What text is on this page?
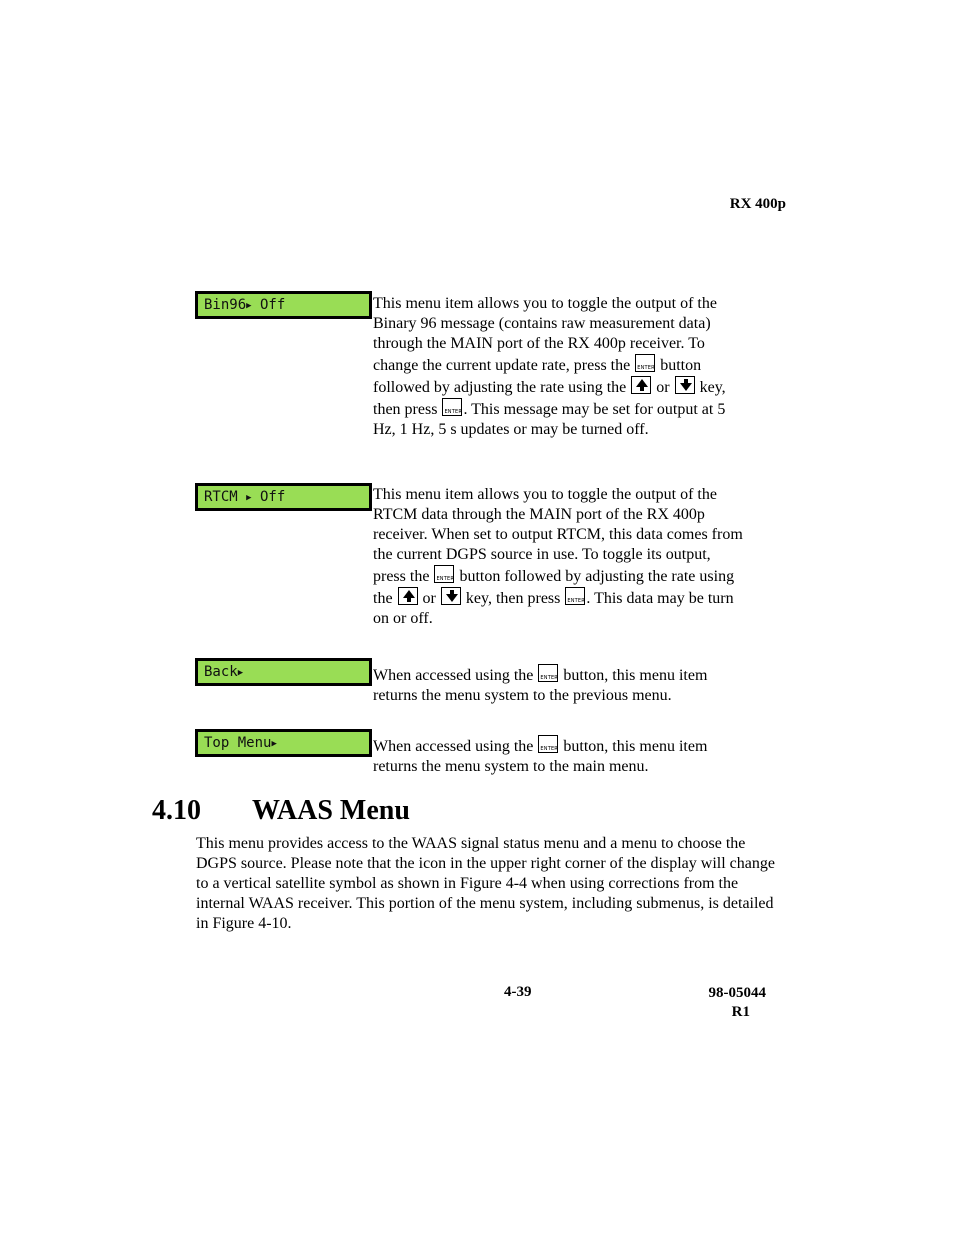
RX 400p
Bin96▶ Off	This menu item allows you to toggle the output of the Binary 96 message (contains raw measurement data) through the MAIN port of the RX 400p receiver. To change the current update rate, press the ENTER button followed by adjusting the rate using the or key, then press ENTER . This message may be set for output at 5 Hz, 1 Hz, 5 s updates or may be turned off.
RTCM ▶ Off	This menu item allows you to toggle the output of the RTCM data through the MAIN port of the RX 400p receiver. When set to output RTCM, this data comes from the current DGPS source in use. To toggle its output, press the ENTER button followed by adjusting the rate using the or key, then press ENTER . This data may be turn on or off.
Back▶	When accessed using the ENTER button, this menu item returns the menu system to the previous menu.
Top Menu▶	When accessed using the ENTER button, this menu item returns the menu system to the main menu.
4.10 WAAS Menu
This menu provides access to the WAAS signal status menu and a menu to choose the DGPS source. Please note that the icon in the upper right corner of the display will change to a vertical satellite symbol as shown in Figure 4-4 when using corrections from the internal WAAS receiver. This portion of the menu system, including submenus, is detailed in Figure 4-10.
4-39	98-05044
R1
